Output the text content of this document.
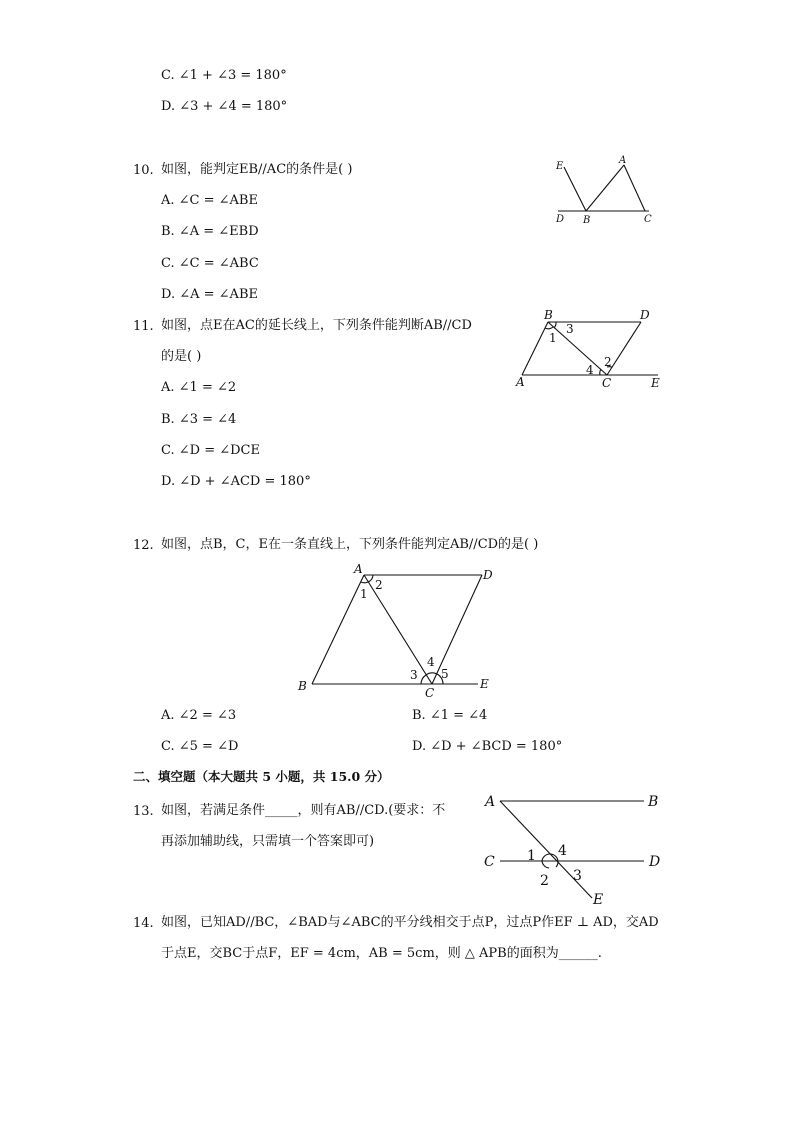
C. ∠1 + ∠3 = 180°
D. ∠3 + ∠4 = 180°
10. 如图，能判定EB//AC的条件是( )
A. ∠C = ∠ABE
B. ∠A = ∠EBD
C. ∠C = ∠ABC
D. ∠A = ∠ABE
E
A
D B	C
11. 如图，点E在AC的延长线上，下列条件能判断AB//CD
的是( )
A. ∠1 = ∠2
B. ∠3 = ∠4
C. ∠D = ∠DCE
D. ∠D + ∠ACD = 180°
B	D
A	C	E
1
2
3
4
12. 如图，点B，C，E在一条直线上，下列条件能判定AB//CD的是( )
A	D
B	C
E
1
2
3
4
5
A. ∠2 = ∠3	B. ∠1 = ∠4
C. ∠5 = ∠D	D. ∠D + ∠BCD = 180°
二、填空题（本大题共 5 小题，共 15.0 分）
13. 如图，若满足条件_____，则有AB//CD.(要求：不
再添加辅助线，只需填一个答案即可)
A	B
C	D
E
1
2 3
4
14. 如图，已知AD//BC，∠BAD与∠ABC的平分线相交于点P，过点P作EF ⊥ AD，交AD
于点E，交BC于点F，EF = 4cm，AB = 5cm，则 △ APB的面积为______.
